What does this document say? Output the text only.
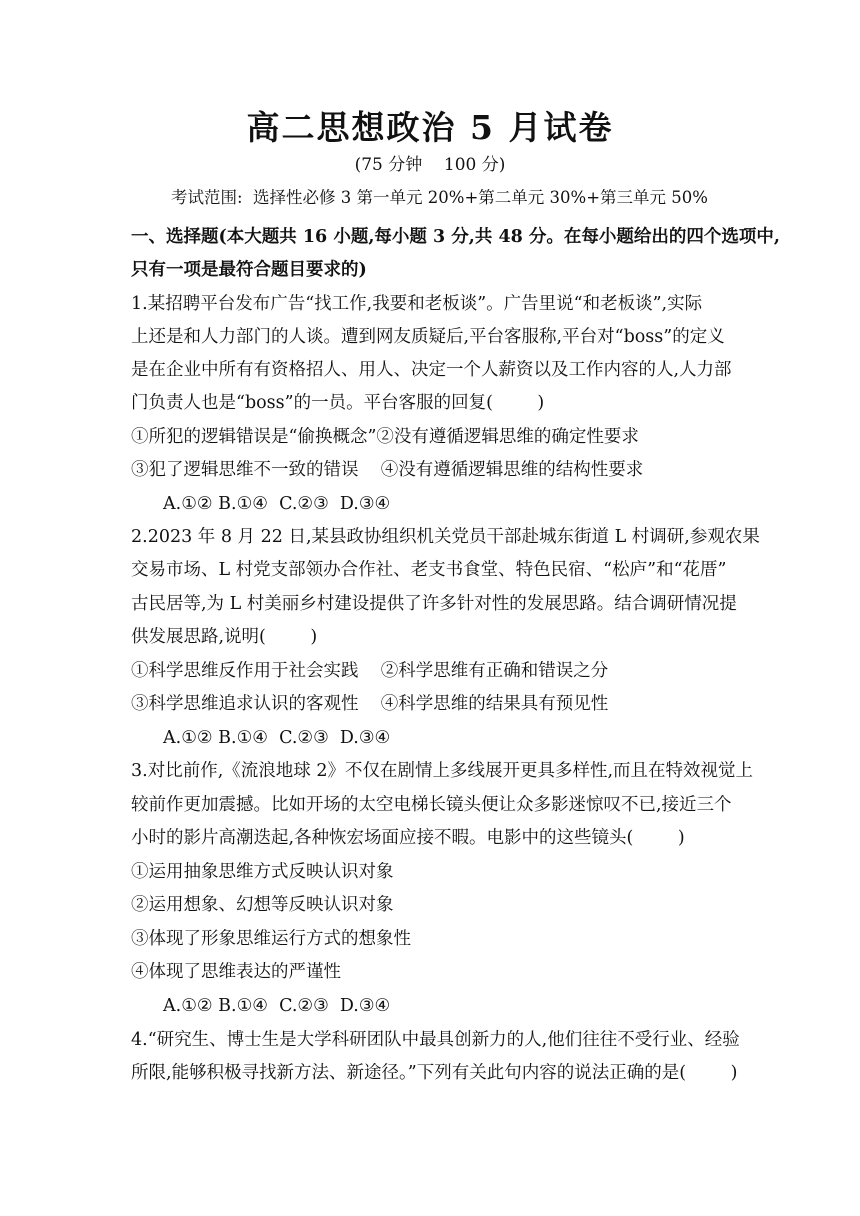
高二思想政治 5 月试卷
(75 分钟    100 分)
考试范围:  选择性必修 3 第一单元 20%+第二单元 30%+第三单元 50%
一、选择题(本大题共 16 小题,每小题 3 分,共 48 分。在每小题给出的四个选项中,
只有一项是最符合题目要求的)
1.某招聘平台发布广告“找工作,我要和老板谈”。广告里说“和老板谈”,实际
上还是和人力部门的人谈。遭到网友质疑后,平台客服称,平台对“boss”的定义
是在企业中所有有资格招人、用人、决定一个人薪资以及工作内容的人,人力部
门负责人也是“boss”的一员。平台客服的回复(        )
①所犯的逻辑错误是“偷换概念”②没有遵循逻辑思维的确定性要求
③犯了逻辑思维不一致的错误    ④没有遵循逻辑思维的结构性要求
A.①② B.①④  C.②③  D.③④
2.2023 年 8 月 22 日,某县政协组织机关党员干部赴城东街道 L 村调研,参观农果
交易市场、L 村党支部领办合作社、老支书食堂、特色民宿、“松庐”和“花厝”
古民居等,为 L 村美丽乡村建设提供了许多针对性的发展思路。结合调研情况提
供发展思路,说明(        )
①科学思维反作用于社会实践    ②科学思维有正确和错误之分
③科学思维追求认识的客观性    ④科学思维的结果具有预见性
A.①② B.①④  C.②③  D.③④
3.对比前作,《流浪地球 2》不仅在剧情上多线展开更具多样性,而且在特效视觉上
较前作更加震撼。比如开场的太空电梯长镜头便让众多影迷惊叹不已,接近三个
小时的影片高潮迭起,各种恢宏场面应接不暇。电影中的这些镜头(        )
①运用抽象思维方式反映认识对象
②运用想象、幻想等反映认识对象
③体现了形象思维运行方式的想象性
④体现了思维表达的严谨性
A.①② B.①④  C.②③  D.③④
4.“研究生、博士生是大学科研团队中最具创新力的人,他们往往不受行业、经验
所限,能够积极寻找新方法、新途径。”下列有关此句内容的说法正确的是(        )
